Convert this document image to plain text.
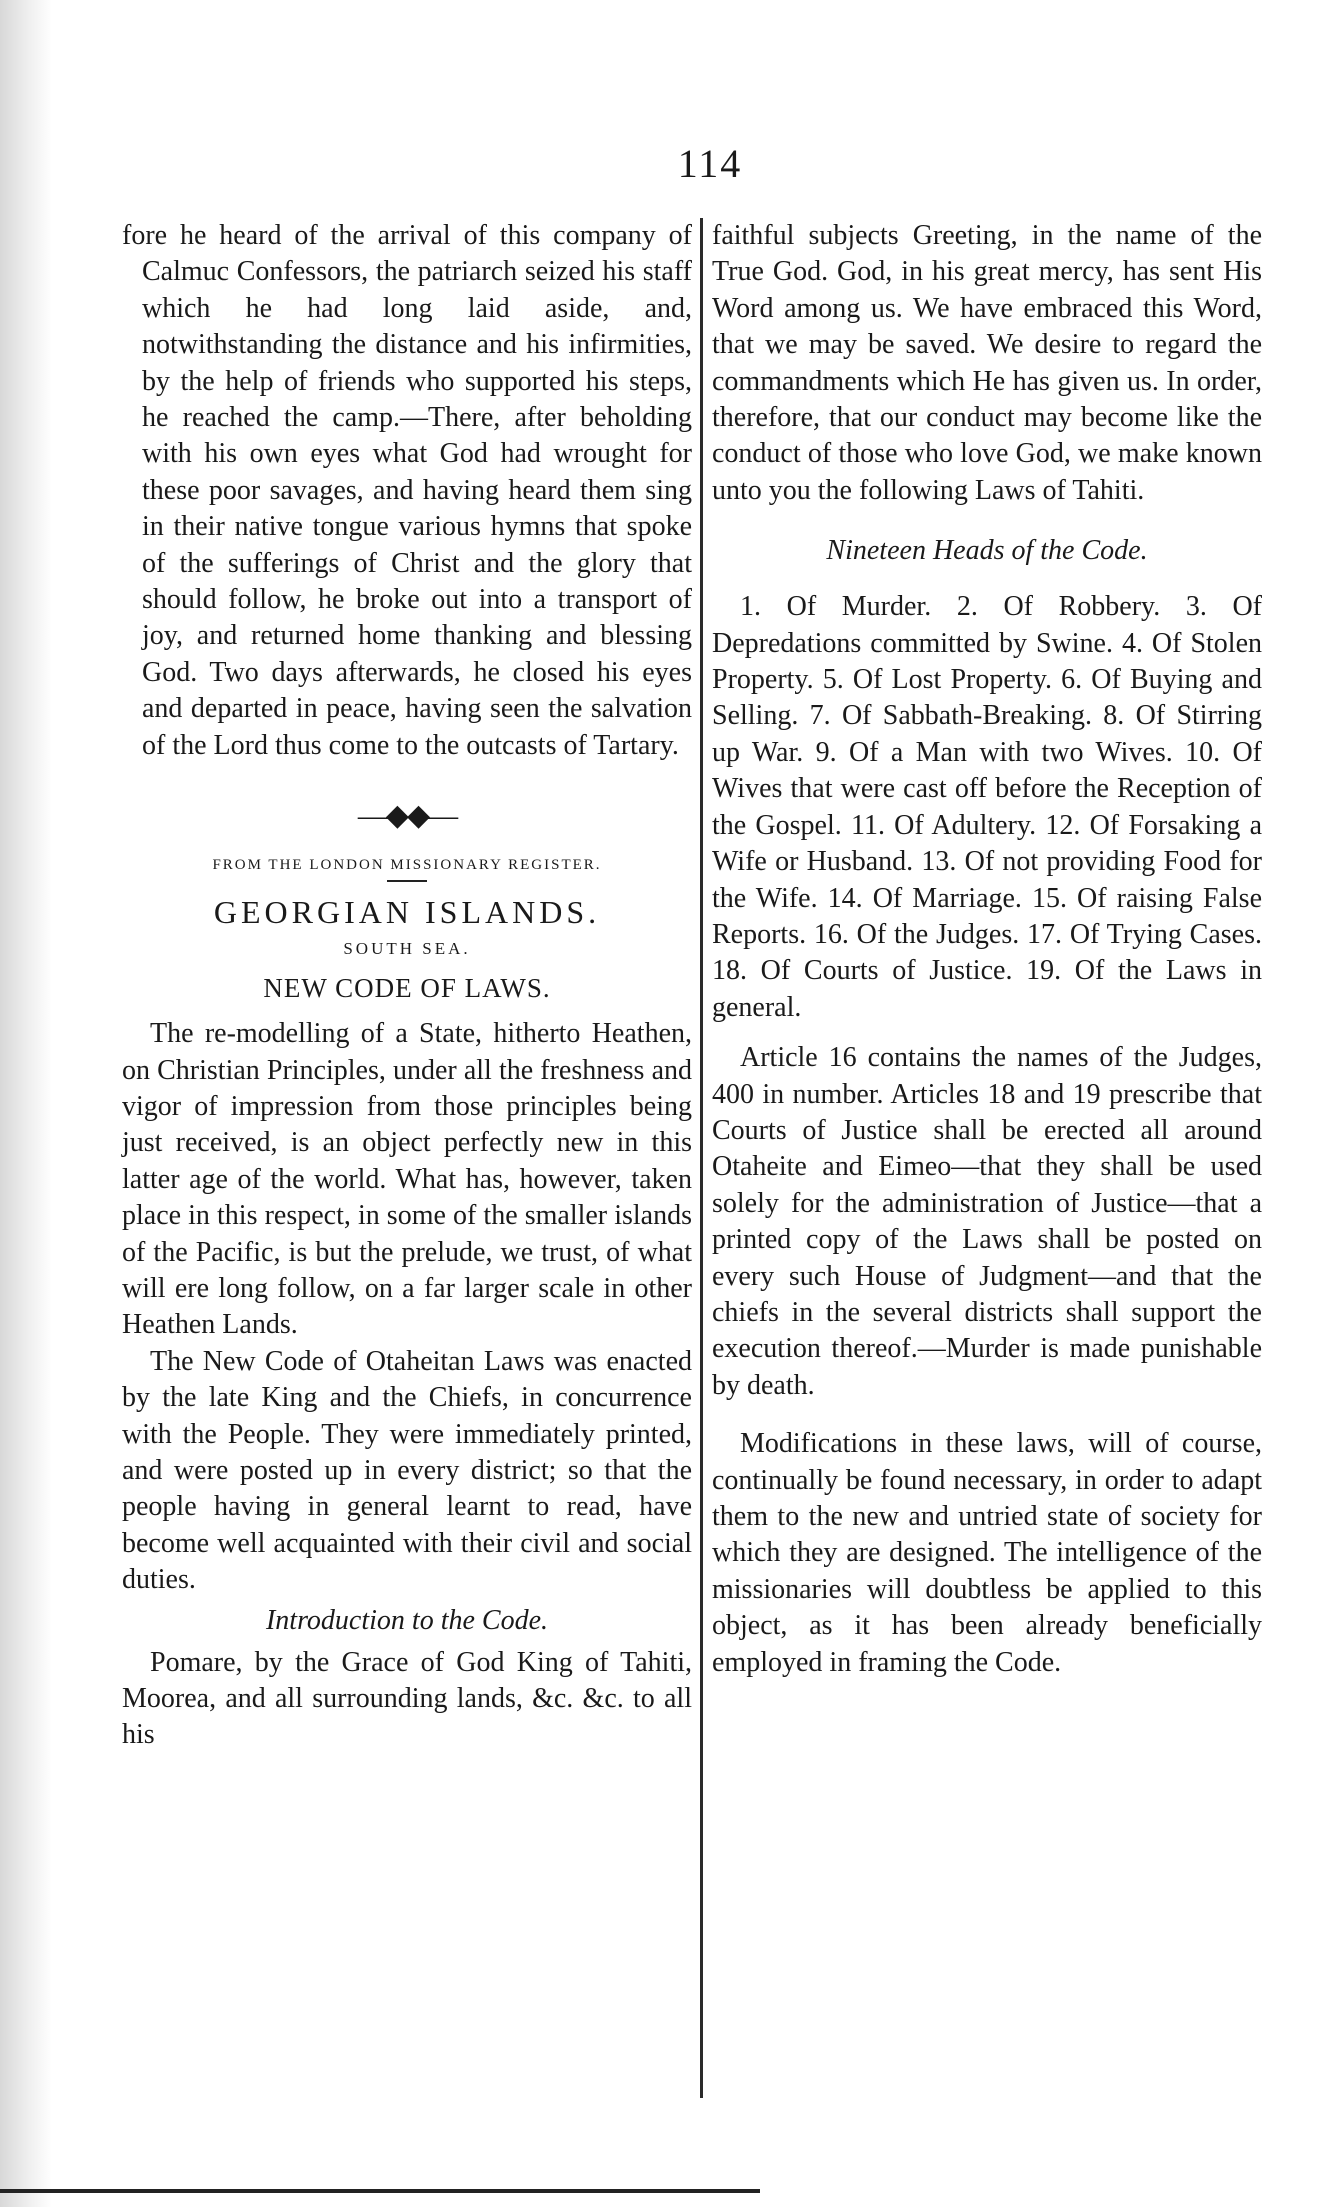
114

fore he heard of the arrival of this company of Calmuc Confessors, the patriarch seized his staff which he had long laid aside, and, notwithstanding the distance and his infirmities, by the help of friends who supported his steps, he reached the camp.—There, after beholding with his own eyes what God had wrought for these poor savages, and having heard them sing in their native tongue various hymns that spoke of the sufferings of Christ and the glory that should follow, he broke out into a transport of joy, and returned home thanking and blessing God. Two days afterwards, he closed his eyes and departed in peace, having seen the salvation of the Lord thus come to the outcasts of Tartary.

—◆◆—
FROM THE LONDON MISSIONARY REGISTER.
GEORGIAN ISLANDS.
SOUTH SEA.
NEW CODE OF LAWS.

The re-modelling of a State, hitherto Heathen, on Christian Principles, under all the freshness and vigor of impression from those principles being just received, is an object perfectly new in this latter age of the world. What has, however, taken place in this respect, in some of the smaller islands of the Pacific, is but the prelude, we trust, of what will ere long follow, on a far larger scale in other Heathen Lands.

The New Code of Otaheitan Laws was enacted by the late King and the Chiefs, in concurrence with the People. They were immediately printed, and were posted up in every district; so that the people having in general learnt to read, have become well acquainted with their civil and social duties.

Introduction to the Code.

Pomare, by the Grace of God King of Tahiti, Moorea, and all surrounding lands, &c. &c. to all his

faithful subjects Greeting, in the name of the True God. God, in his great mercy, has sent His Word among us. We have embraced this Word, that we may be saved. We desire to regard the commandments which He has given us. In order, therefore, that our conduct may become like the conduct of those who love God, we make known unto you the following Laws of Tahiti.

Nineteen Heads of the Code.

1. Of Murder. 2. Of Robbery. 3. Of Depredations committed by Swine. 4. Of Stolen Property. 5. Of Lost Property. 6. Of Buying and Selling. 7. Of Sabbath-Breaking. 8. Of Stirring up War. 9. Of a Man with two Wives. 10. Of Wives that were cast off before the Reception of the Gospel. 11. Of Adultery. 12. Of Forsaking a Wife or Husband. 13. Of not providing Food for the Wife. 14. Of Marriage. 15. Of raising False Reports. 16. Of the Judges. 17. Of Trying Cases. 18. Of Courts of Justice. 19. Of the Laws in general.

Article 16 contains the names of the Judges, 400 in number. Articles 18 and 19 prescribe that Courts of Justice shall be erected all around Otaheite and Eimeo—that they shall be used solely for the administration of Justice—that a printed copy of the Laws shall be posted on every such House of Judgment—and that the chiefs in the several districts shall support the execution thereof.—Murder is made punishable by death.

Modifications in these laws, will of course, continually be found necessary, in order to adapt them to the new and untried state of society for which they are designed. The intelligence of the missionaries will doubtless be applied to this object, as it has been already beneficially employed in framing the Code.
